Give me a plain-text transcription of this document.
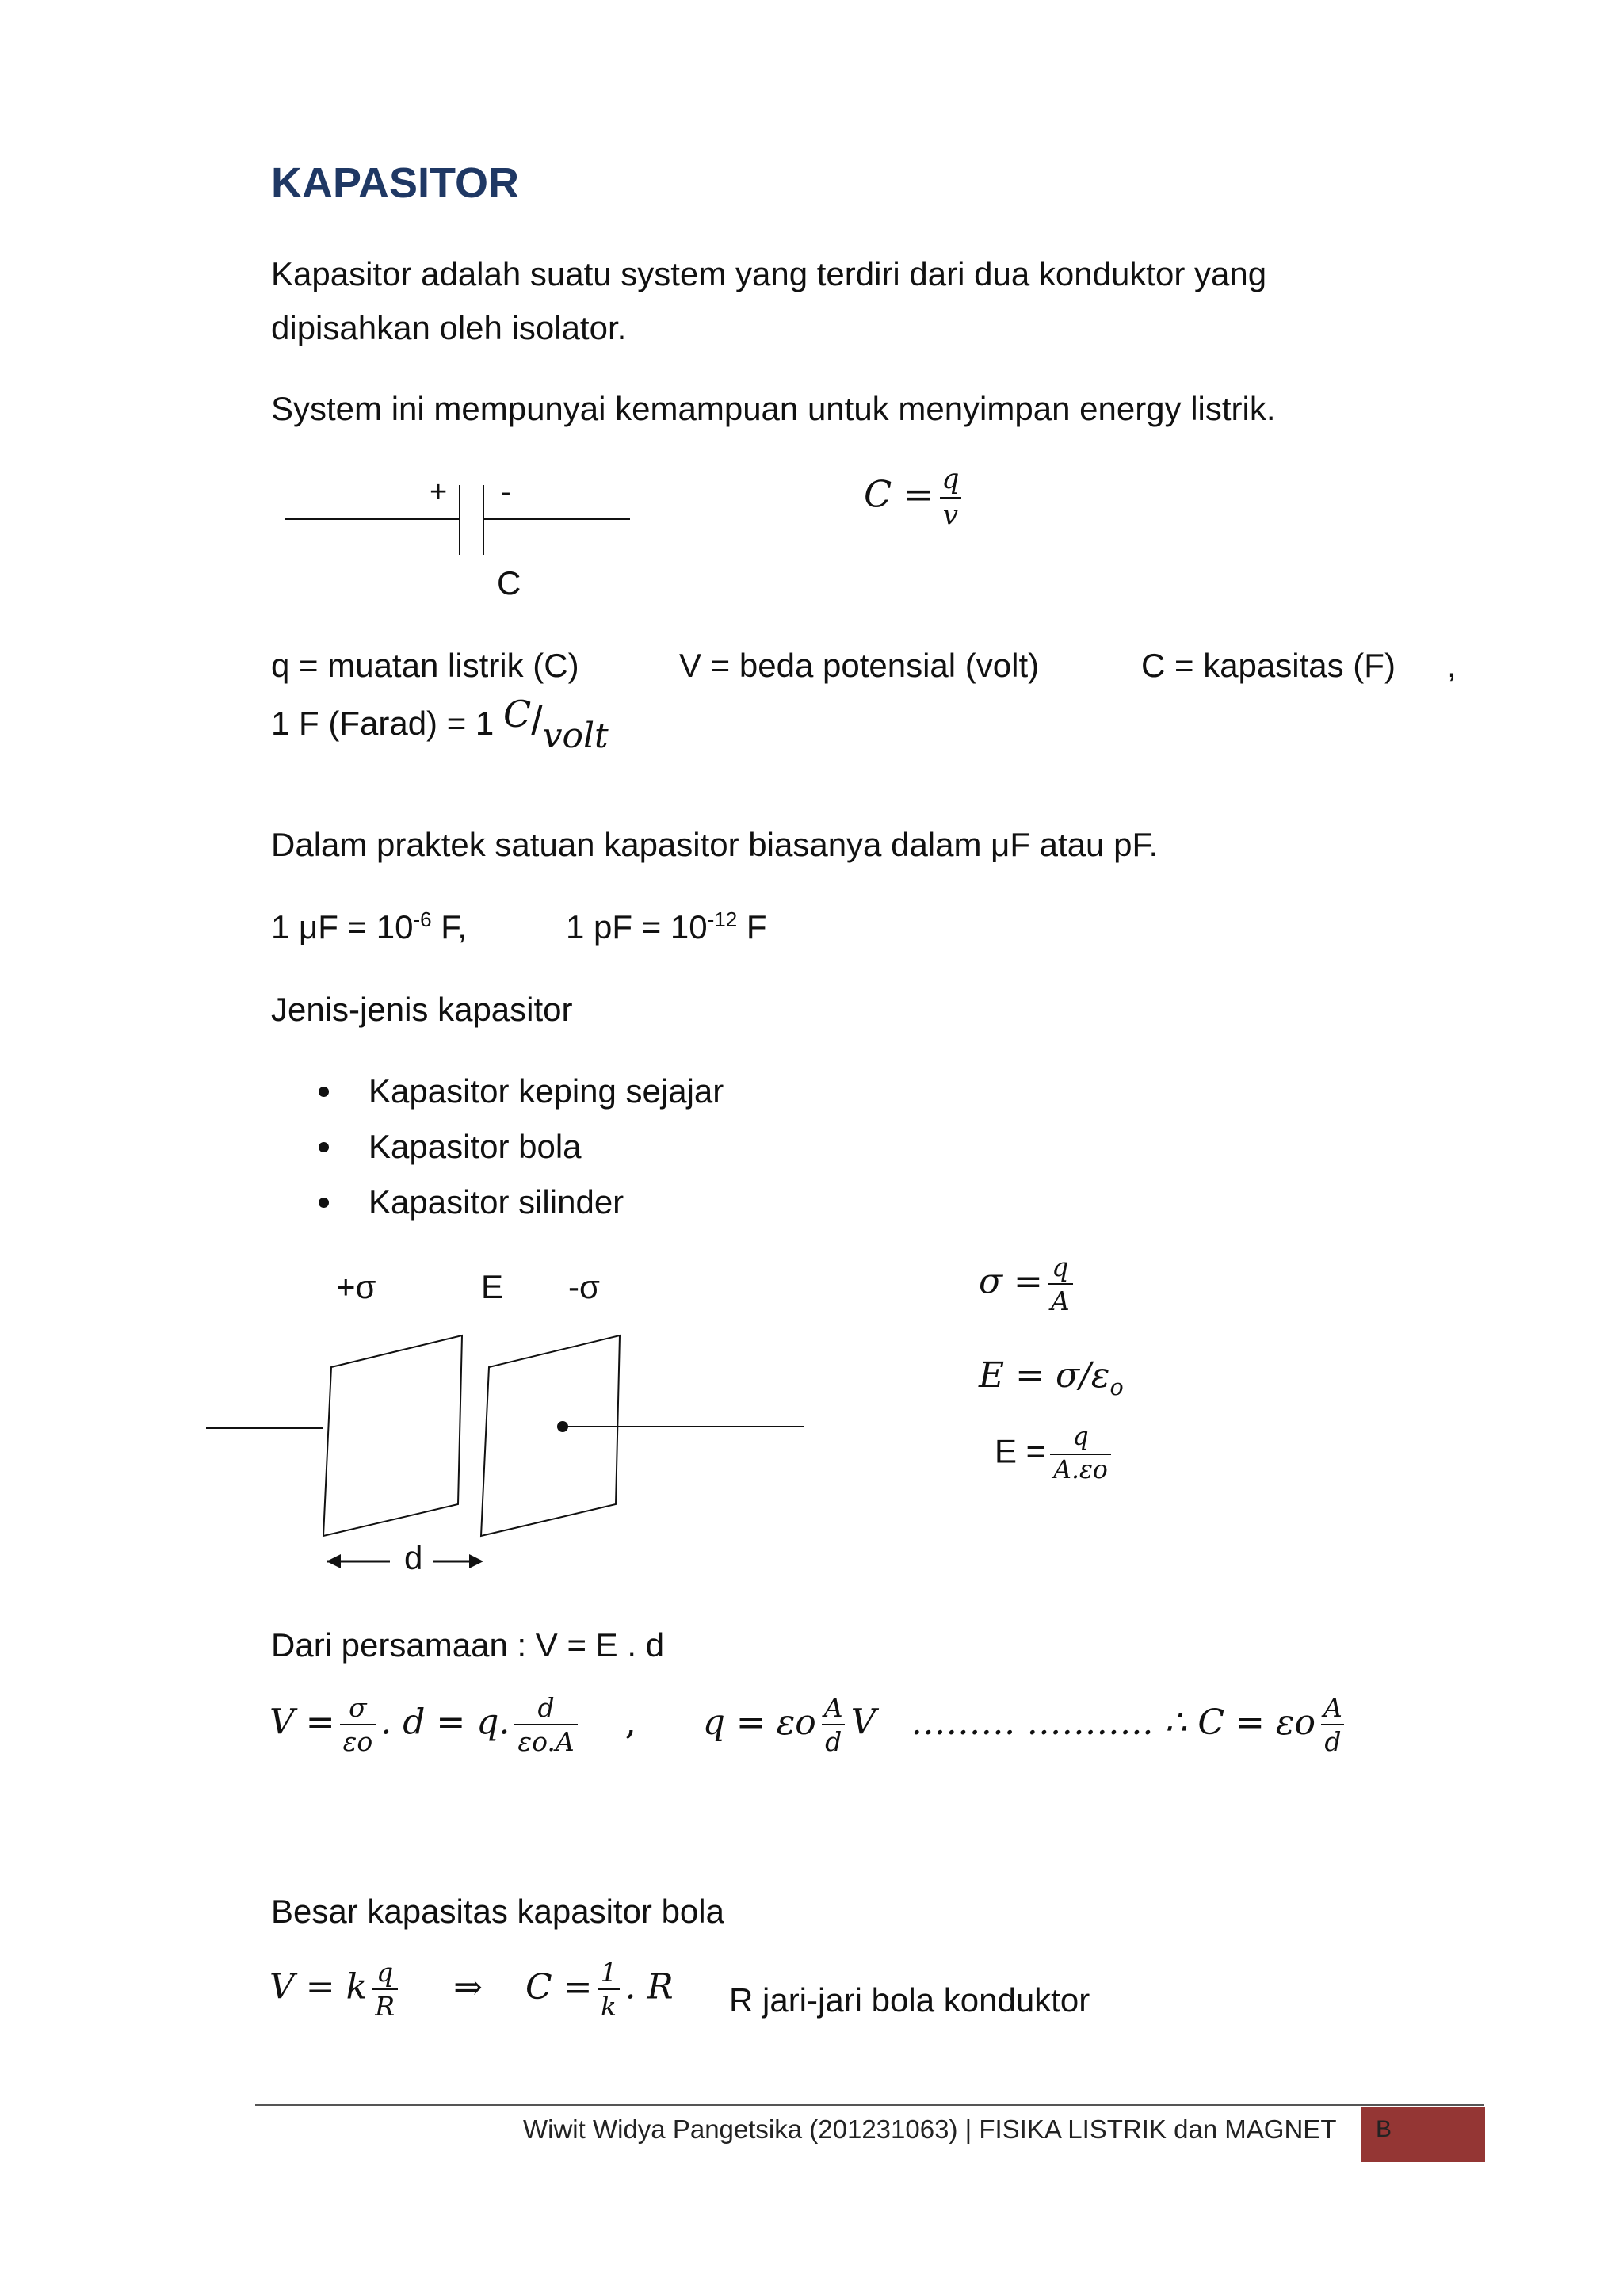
KAPASITOR
Kapasitor adalah suatu system yang terdiri dari dua konduktor yang
dipisahkan oleh isolator.
System ini mempunyai kemampuan untuk menyimpan energy listrik.
+ -
C
$C = \frac{q}{v}$
q = muatan listrik (C)	V = beda potensial (volt)	C = kapasitas (F) ,
1 F (Farad) = 1 C/volt
Dalam praktek satuan kapasitor biasanya dalam μF atau pF.
1 $\mu F = 10^{-6}$ F,	1 pF = $10^{-12}$ F
Jenis-jenis kapasitor
Kapasitor keping sejajar
Kapasitor bola
Kapasitor silinder
+σ	E -σ
d
$\sigma = \frac{q}{A}$
$E = \sigma/\varepsilon_o$
$E = \frac{q}{A.\varepsilon o}$
Dari persamaan : V = E . d
$V = \frac{\sigma}{\varepsilon o}$ . d = q. $\frac{d}{\varepsilon o.A}$ , q = εo $\frac{A}{d}$ V ……… ……….. ∴ C = εo $\frac{A}{d}$
Besar kapasitas kapasitor bola
V = k $\frac{q}{R}$ ⇒ $C = \frac{1}{k}$ . R R jari-jari bola konduktor
Wiwit Widya Pangetsika (201231063) | FISIKA LISTRIK dan MAGNET B
